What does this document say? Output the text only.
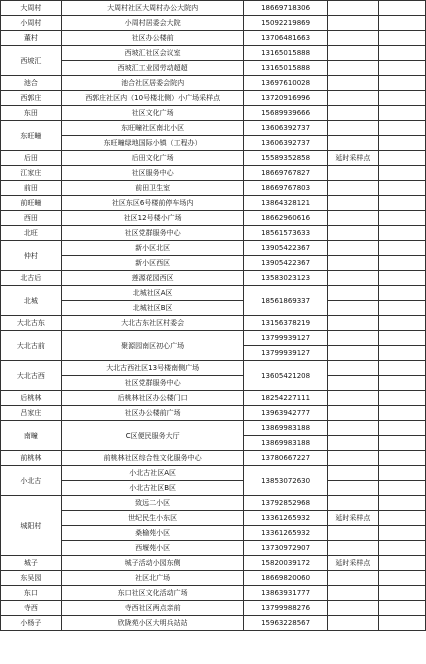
大周村	大周村社区大周村办公大院内	18669718306		
小周村	小周村居委会大院	15092219869		
董村	社区办公楼前	13706481663		
西坡汇	西坡汇社区会议室	13165015888		
	西坡汇工业园劳动超超	13165015888		
池合	池合社区居委会院内	13697610028		
西郭庄	西郭庄社区内（10号楼北侧）小广场采样点	13720916996		
东田	社区文化广场	15689939666		
东旺疃	东旺疃社区南北小区	13606392737		
	东旺疃绿地国际小镇（工程办）	13606392737		
后田	后田文化广场	15589352858	延时采样点	
江家庄	社区服务中心	18669767827		
前田	前田卫生室	18669767803		
前旺疃	社区东区6号楼前停车场内	13864328121		
西田	社区12号楼小广场	18662960616		
北旺	社区党群服务中心	18561573633		
仲村	新小区北区	13905422367		
	新小区西区	13905422367		
北古后	莲源花园西区	13583023123		
北城	北城社区A区	18561869337		
	北城社区B区			
大北古东	大北古东社区村委会	13156378219		
大北古前	聚源园南区初心广场	13799939127		
		13799939127		
大北古西	大北古西社区13号楼南侧广场	13605421208		
	社区党群服务中心			
后桃林	后桃林社区办公楼门口	18254227111		
吕家庄	社区办公楼前广场	13963942777		
南疃	C区便民服务大厅	13869983188		
		13869983188		
前桃林	前桃林社区综合性文化服务中心	13780667227		
小北古	小北古社区A区	13853072630		
	小北古社区B区			
城阳村	致远二小区	13792852968		
	世纪民生小东区	13361265932	延时采样点	
	桑榆苑小区	13361265932		
	西堰苑小区	13730972907		
城子	城子活动小园东侧	15820039172	延时采样点	
东吴园	社区北广场	18669820060		
东口	东口社区文化活动广场	13863931777		
寺西	寺西社区两点亲前	13799988276		
小杨子	欣陇苑小区大明兵站站	15963228567		
